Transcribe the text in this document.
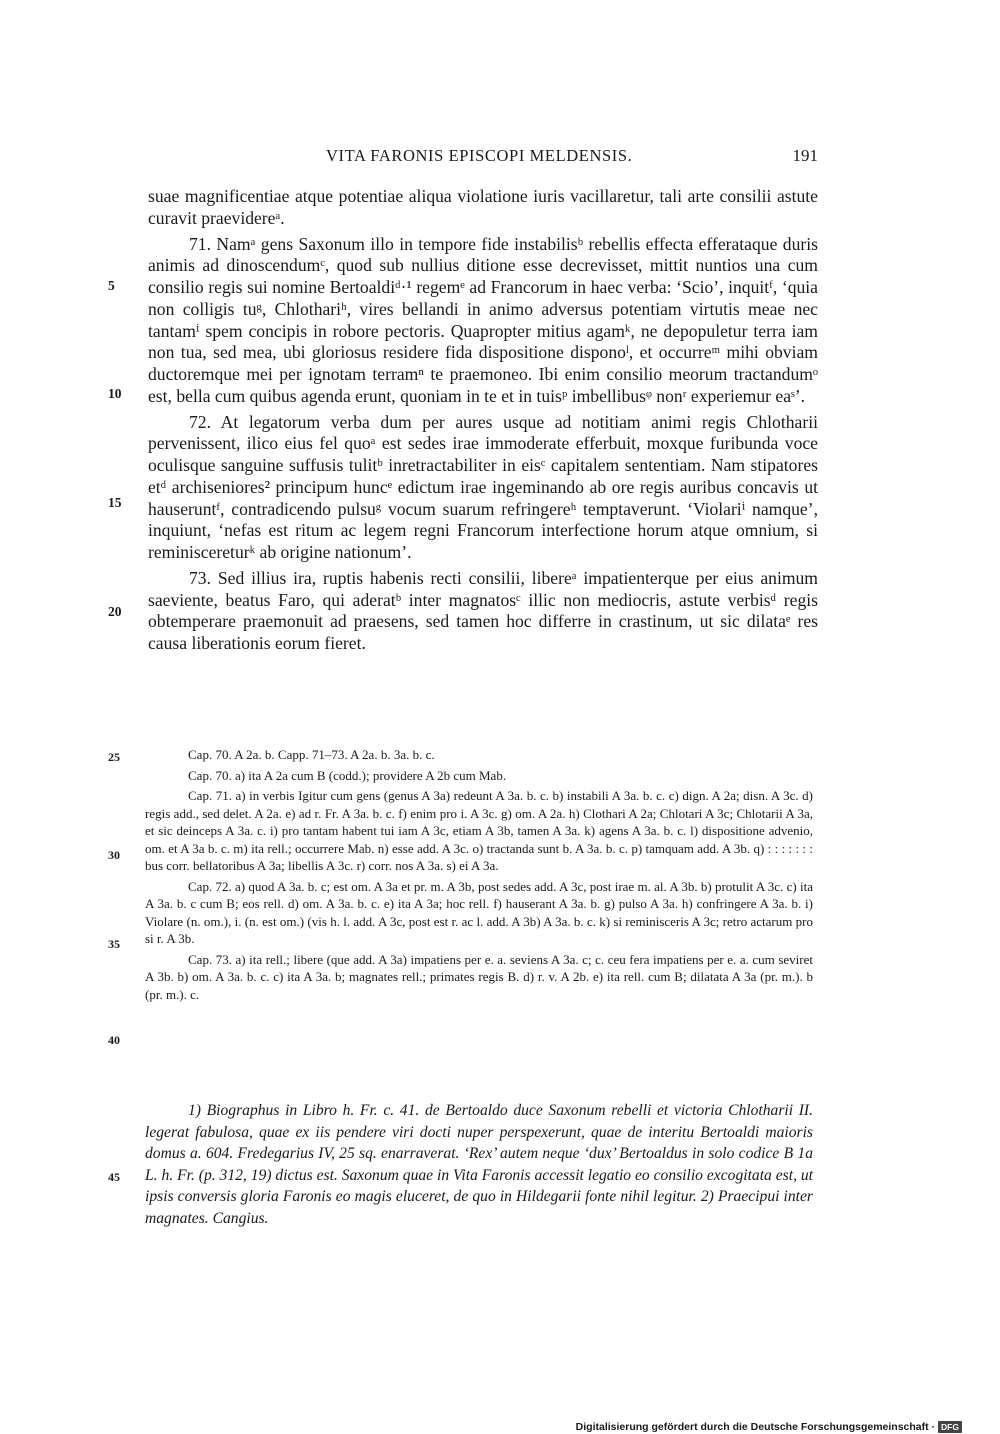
VITA FARONIS EPISCOPI MELDENSIS.	191

suae magnificentiae atque potentiae aliqua violatione iuris vacillaretur, tali arte consilii astute curavit praevidereᵃ.

71. Namᵃ gens Saxonum illo in tempore fide instabilisᵇ rebellis effecta efferataque duris animis ad dinoscendumᶜ, quod sub nullius ditione esse decrevisset, mittit nuntios una cum consilio regis sui nomine Bertoaldiᵈ·¹ regemᵉ ad Francorum in haec verba: ‘Scio’, inquitᶠ, ‘quia non colligis tuᵍ, Chlothariʰ, vires bellandi in animo adversus potentiam virtutis meae nec tantamⁱ spem concipis in robore pectoris. Quapropter mitius agamᵏ, ne depopuletur terra iam non tua, sed mea, ubi gloriosus residere fida dispositione disponoˡ, et occurreᵐ mihi obviam ductoremque mei per ignotam terramⁿ te praemoneo. Ibi enim consilio meorum tractandumᵒ est, bella cum quibus agenda erunt, quoniam in te et in tuisᵖ imbellibusᵠ nonʳ experiemur eaˢ’.

72. At legatorum verba dum per aures usque ad notitiam animi regis Chlotharii pervenissent, ilico eius fel quoᵃ est sedes irae immoderate efferbuit, moxque furibunda voce oculisque sanguine suffusis tulitᵇ inretractabiliter in eisᶜ capitalem sententiam. Nam stipatores etᵈ archiseniores² principum huncᵉ edictum irae ingeminando ab ore regis auribus concavis ut hauseruntᶠ, contradicendo pulsuᵍ vocum suarum refringereʰ temptaverunt. ‘Violariⁱ namque’, inquiunt, ‘nefas est ritum ac legem regni Francorum interfectione horum atque omnium, si reminiscereturᵏ ab origine nationum’.

73. Sed illius ira, ruptis habenis recti consilii, libereᵃ impatienterque per eius animum saeviente, beatus Faro, qui aderatᵇ inter magnatosᶜ illic non mediocris, astute verbisᵈ regis obtemperare praemonuit ad praesens, sed tamen hoc differre in crastinum, ut sic dilataᵉ res causa liberationis eorum fieret.

Cap. 70. A 2a. b. Capp. 71–73. A 2a. b. 3a. b. c.

Cap. 70. a) ita A 2a cum B (codd.); providere A 2b cum Mab.

Cap. 71. a) in verbis Igitur cum gens (genus A 3a) redeunt A 3a. b. c. b) instabili A 3a. b. c. c) dign. A 2a; disn. A 3c. d) regis add., sed delet. A 2a. e) ad r. Fr. A 3a. b. c. f) enim pro i. A 3c. g) om. A 2a. h) Clothari A 2a; Chlotari A 3c; Chlotarii A 3a, et sic deinceps A 3a. c. i) pro tantam habent tui iam A 3c, etiam A 3b, tamen A 3a. k) agens A 3a. b. c. l) dispositione advenio, om. et A 3a b. c. m) ita rell.; occurrere Mab. n) esse add. A 3c. o) tractanda sunt b. A 3a. b. c. p) tamquam add. A 3b. q) : : : : : : : bus corr. bellatoribus A 3a; libellis A 3c. r) corr. nos A 3a. s) ei A 3a.

Cap. 72. a) quod A 3a. b. c; est om. A 3a et pr. m. A 3b, post sedes add. A 3c, post irae m. al. A 3b. b) protulit A 3c. c) ita A 3a. b. c cum B; eos rell. d) om. A 3a. b. c. e) ita A 3a; hoc rell. f) hauserant A 3a. b. g) pulso A 3a. h) confringere A 3a. b. i) Violare (n. om.), i. (n. est om.) (vis h. l. add. A 3c, post est r. ac l. add. A 3b) A 3a. b. c. k) si reminisceris A 3c; retro actarum pro si r. A 3b.

Cap. 73. a) ita rell.; libere (que add. A 3a) impatiens per e. a. seviens A 3a. c; c. ceu fera impatiens per e. a. cum seviret A 3b. b) om. A 3a. b. c. c) ita A 3a. b; magnates rell.; primates regis B. d) r. v. A 2b. e) ita rell. cum B; dilatata A 3a (pr. m.). b (pr. m.). c.

1) Biographus in Libro h. Fr. c. 41. de Bertoaldo duce Saxonum rebelli et victoria Chlotharii II. legerat fabulosa, quae ex iis pendere viri docti nuper perspexerunt, quae de interitu Bertoaldi maioris domus a. 604. Fredegarius IV, 25 sq. enarraverat. ‘Rex’ autem neque ‘dux’ Bertoaldus in solo codice B 1a L. h. Fr. (p. 312, 19) dictus est. Saxonum quae in Vita Faronis accessit legatio eo consilio excogitata est, ut ipsis conversis gloria Faronis eo magis eluceret, de quo in Hildegarii fonte nihil legitur. 2) Praecipui inter magnates. Cangius.

5
10
15
20
25
30
35
40
45
Digitalisierung gefördert durch die Deutsche Forschungsgemeinschaft · DFG
